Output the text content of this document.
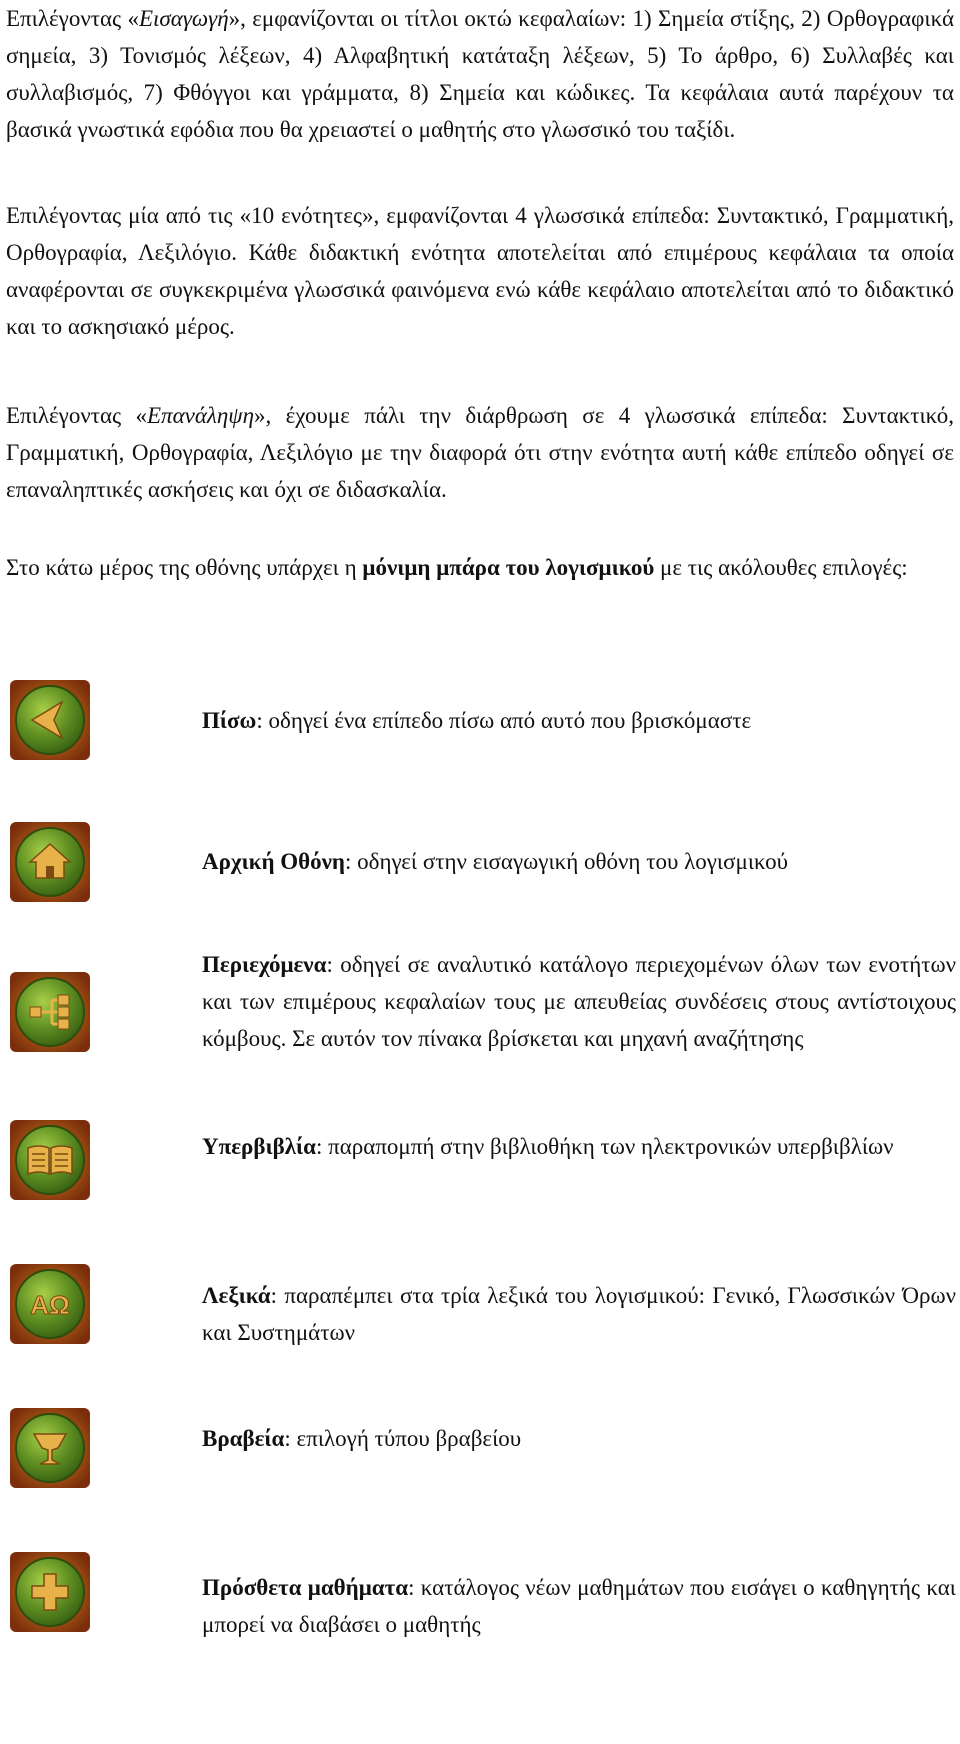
Επιλέγοντας «Εισαγωγή», εμφανίζονται οι τίτλοι οκτώ κεφαλαίων: 1) Σημεία στίξης, 2) Ορθογραφικά σημεία, 3) Τονισμός λέξεων, 4) Αλφαβητική κατάταξη λέξεων, 5) Το άρθρο, 6) Συλλαβές και συλλαβισμός, 7) Φθόγγοι και γράμματα, 8) Σημεία και κώδικες. Τα κεφάλαια αυτά παρέχουν τα βασικά γνωστικά εφόδια που θα χρειαστεί ο μαθητής στο γλωσσικό του ταξίδι.

Επιλέγοντας μία από τις «10 ενότητες», εμφανίζονται 4 γλωσσικά επίπεδα: Συντακτικό, Γραμματική, Ορθογραφία, Λεξιλόγιο. Κάθε διδακτική ενότητα αποτελείται από επιμέρους κεφάλαια τα οποία αναφέρονται σε συγκεκριμένα γλωσσικά φαινόμενα ενώ κάθε κεφάλαιο αποτελείται από το διδακτικό και το ασκησιακό μέρος.

Επιλέγοντας «Επανάληψη», έχουμε πάλι την διάρθρωση σε 4 γλωσσικά επίπεδα: Συντακτικό, Γραμματική, Ορθογραφία, Λεξιλόγιο με την διαφορά ότι στην ενότητα αυτή κάθε επίπεδο οδηγεί σε επαναληπτικές ασκήσεις και όχι σε διδασκαλία.

Στο κάτω μέρος της οθόνης υπάρχει η μόνιμη μπάρα του λογισμικού με τις ακόλουθες επιλογές:

Πίσω: οδηγεί ένα επίπεδο πίσω από αυτό που βρισκόμαστε
Αρχική Οθόνη: οδηγεί στην εισαγωγική οθόνη του λογισμικού
Περιεχόμενα: οδηγεί σε αναλυτικό κατάλογο περιεχομένων όλων των ενοτήτων και των επιμέρους κεφαλαίων τους με απευθείας συνδέσεις στους αντίστοιχους κόμβους. Σε αυτόν τον πίνακα βρίσκεται και μηχανή αναζήτησης
Υπερβιβλία: παραπομπή στην βιβλιοθήκη των ηλεκτρονικών υπερβιβλίων
ΑΩ	Λεξικά: παραπέμπει στα τρία λεξικά του λογισμικού: Γενικό, Γλωσσικών Όρων και Συστημάτων
Βραβεία: επιλογή τύπου βραβείου
Πρόσθετα μαθήματα: κατάλογος νέων μαθημάτων που εισάγει ο καθηγητής και μπορεί να διαβάσει ο μαθητής
